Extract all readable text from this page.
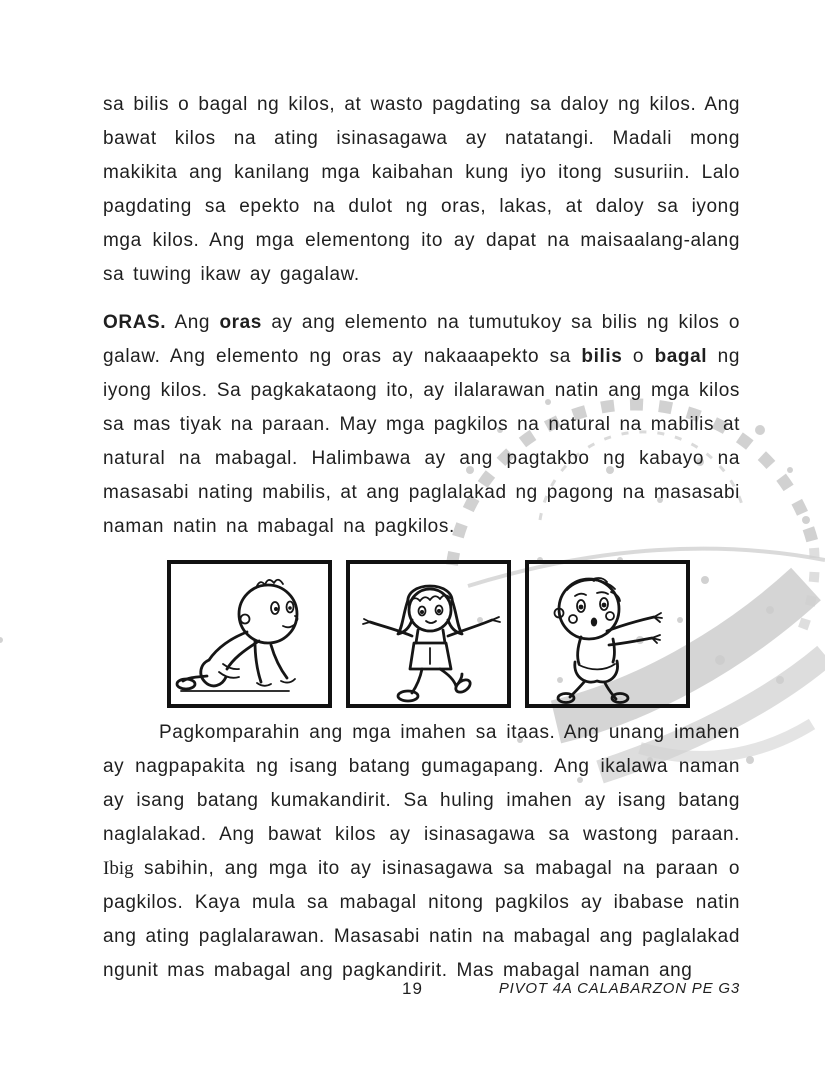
sa bilis o bagal ng kilos, at wasto pagdating sa daloy ng kilos. Ang bawat kilos na ating isinasagawa ay natatangi. Madali mong makikita ang kanilang mga kaibahan kung iyo itong susuriin. Lalo pagdating sa epekto na dulot ng oras, lakas, at daloy sa iyong mga kilos. Ang mga elementong ito ay dapat na maisaalang-alang sa tuwing ikaw ay gagalaw.

ORAS. Ang oras ay ang elemento na tumutukoy sa bilis ng kilos o galaw. Ang elemento ng oras ay nakaaapekto sa bilis o bagal ng iyong kilos. Sa pagkakataong ito, ay ilalarawan natin ang mga kilos sa mas tiyak na paraan. May mga pagkilos na natural na mabilis at natural na mabagal. Halimbawa ay ang pagtakbo ng kabayo na masasabi nating mabilis, at ang paglalakad ng pagong na masasabi naman natin na mabagal na pagkilos.

Pagkomparahin ang mga imahen sa itaas. Ang unang imahen ay nagpapakita ng isang batang gumagapang. Ang ikalawa naman ay isang batang kumakandirit. Sa huling imahen ay isang batang naglalakad. Ang bawat kilos ay isinasagawa sa wastong paraan. Ibig sabihin, ang mga ito ay isinasagawa sa mabagal na paraan o pagkilos. Kaya mula sa mabagal nitong pagkilos ay ibabase natin ang ating paglalarawan. Masasabi natin na mabagal ang paglalakad ngunit mas mabagal ang pagkandirit. Mas mabagal naman ang

19	PIVOT 4A CALABARZON PE G3
